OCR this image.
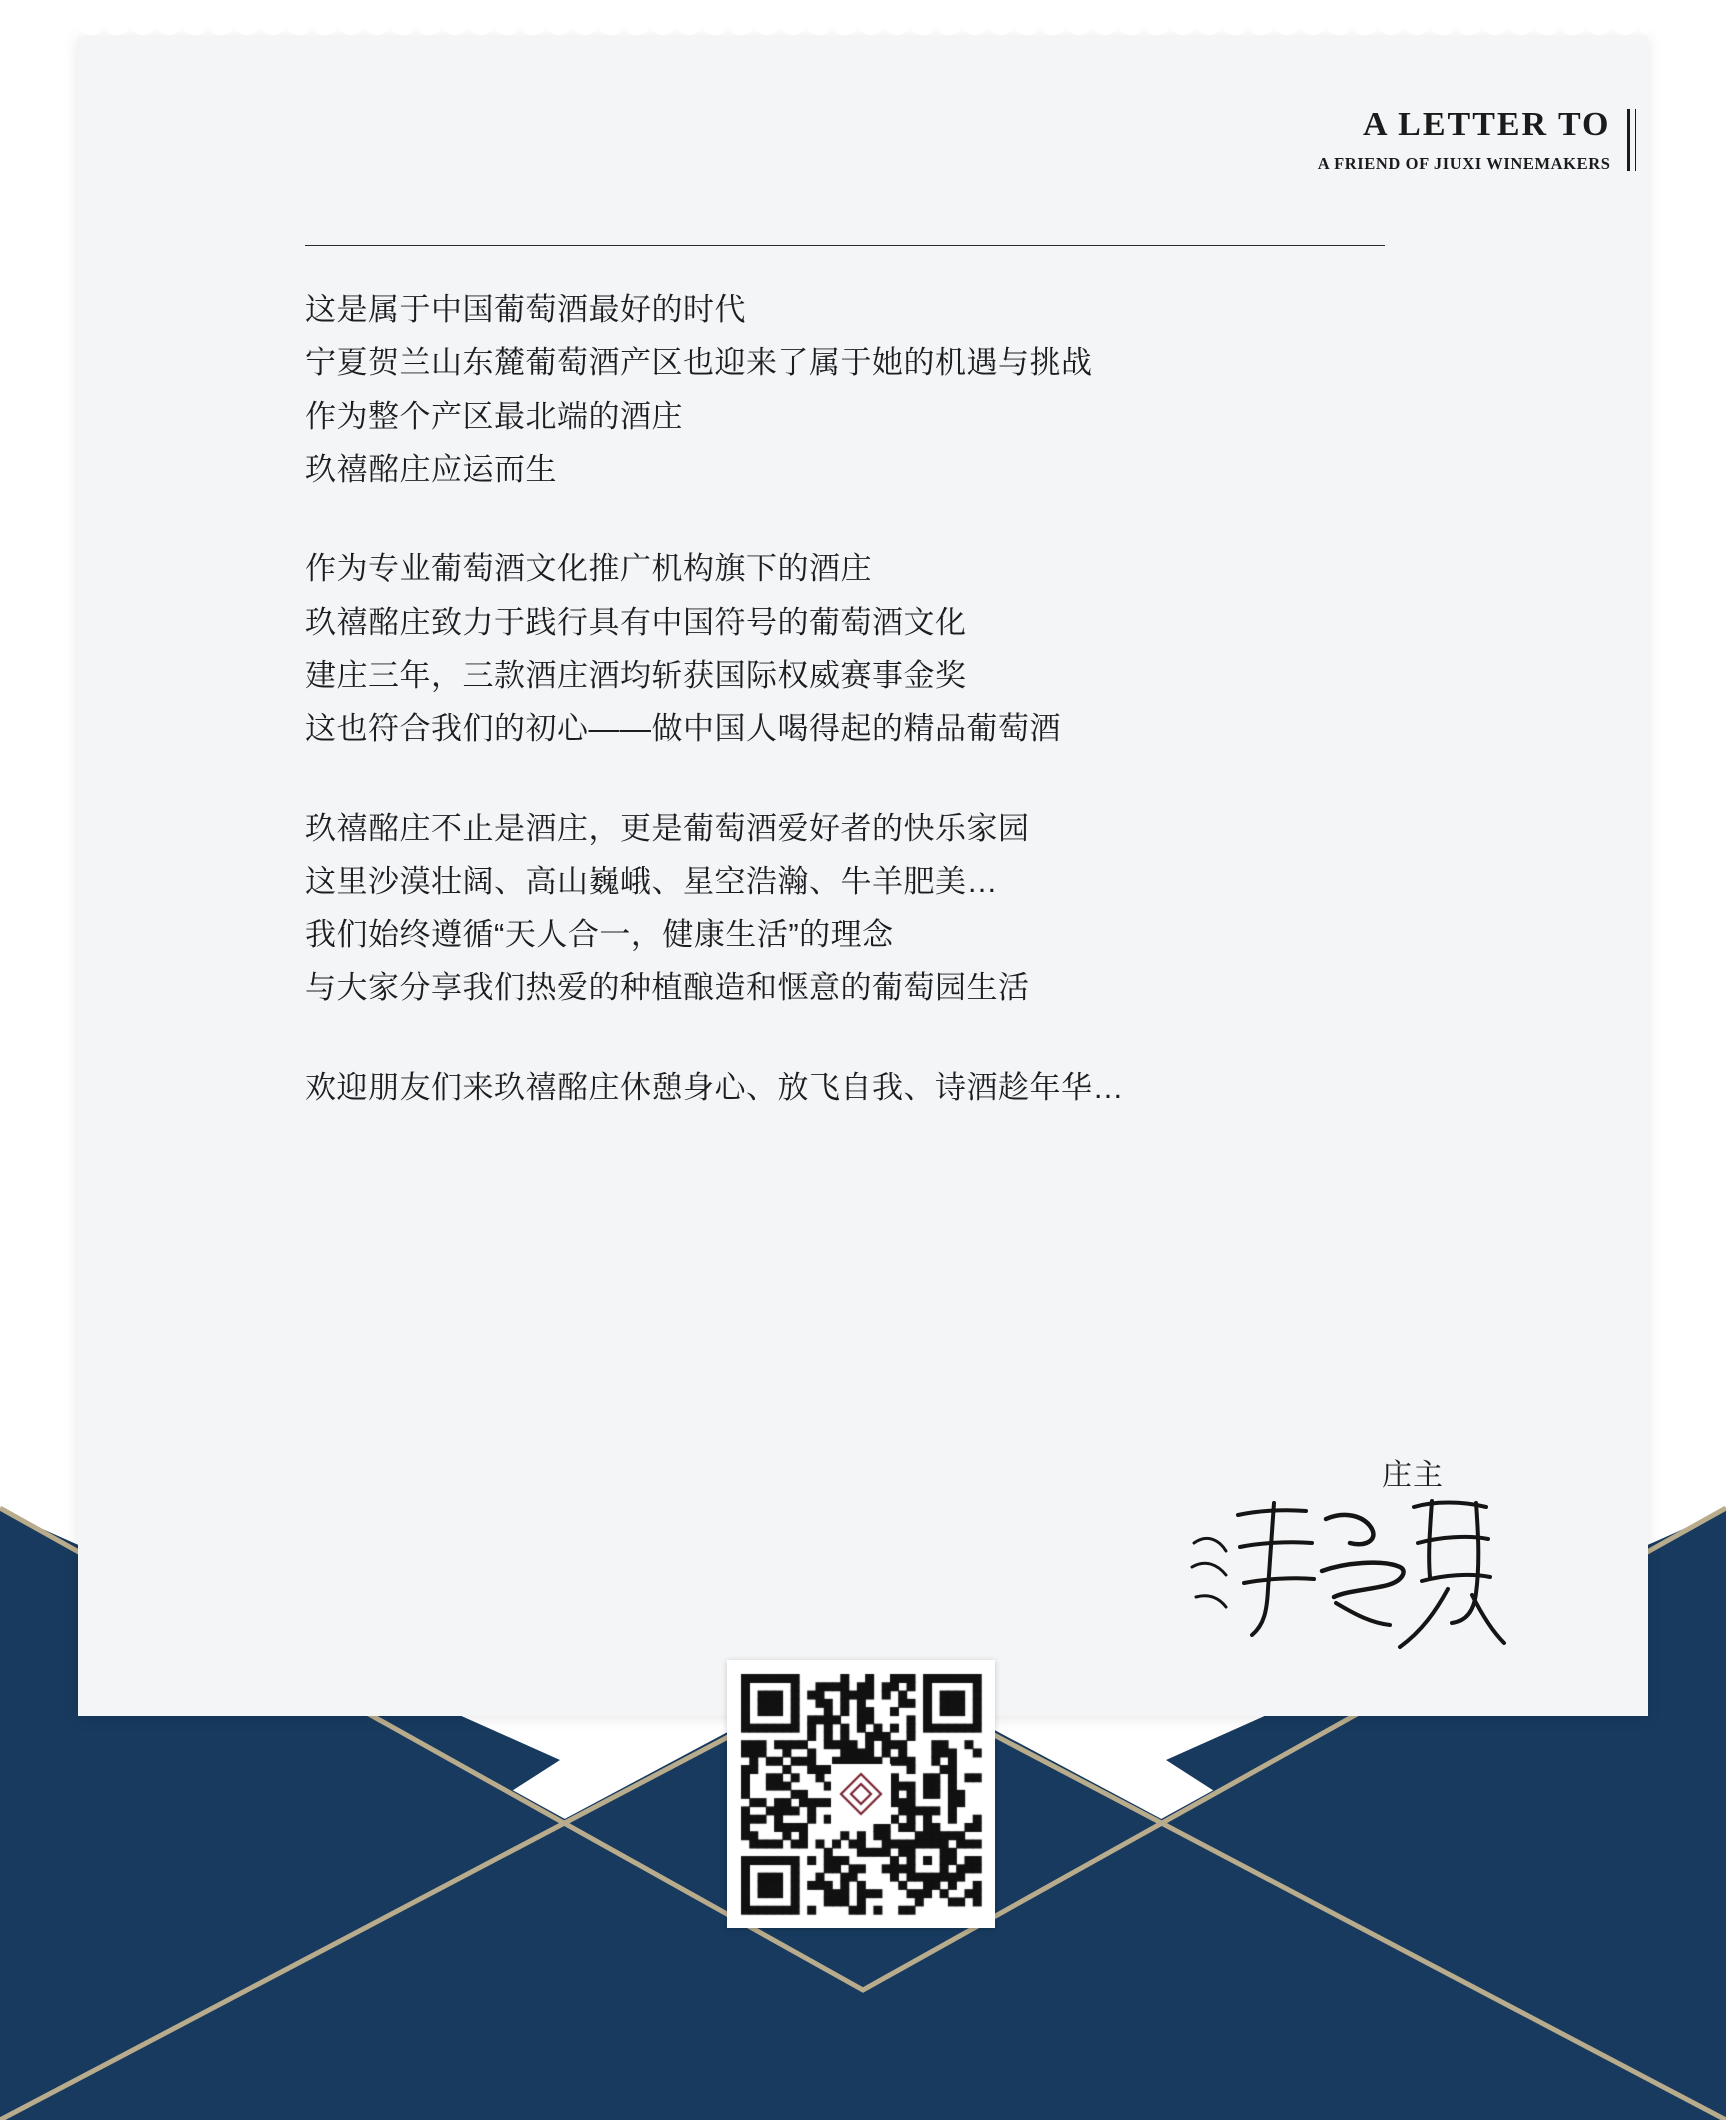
A LETTER TO
A FRIEND OF JIUXI WINEMAKERS

这是属于中国葡萄酒最好的时代
宁夏贺兰山东麓葡萄酒产区也迎来了属于她的机遇与挑战
作为整个产区最北端的酒庄
玖禧酩庄应运而生

作为专业葡萄酒文化推广机构旗下的酒庄
玖禧酩庄致力于践行具有中国符号的葡萄酒文化
建庄三年，三款酒庄酒均斩获国际权威赛事金奖
这也符合我们的初心——做中国人喝得起的精品葡萄酒

玖禧酩庄不止是酒庄，更是葡萄酒爱好者的快乐家园
这里沙漠壮阔、高山巍峨、星空浩瀚、牛羊肥美…
我们始终遵循“天人合一，健康生活”的理念
与大家分享我们热爱的种植酿造和惬意的葡萄园生活

欢迎朋友们来玖禧酩庄休憩身心、放飞自我、诗酒趁年华…

庄主
